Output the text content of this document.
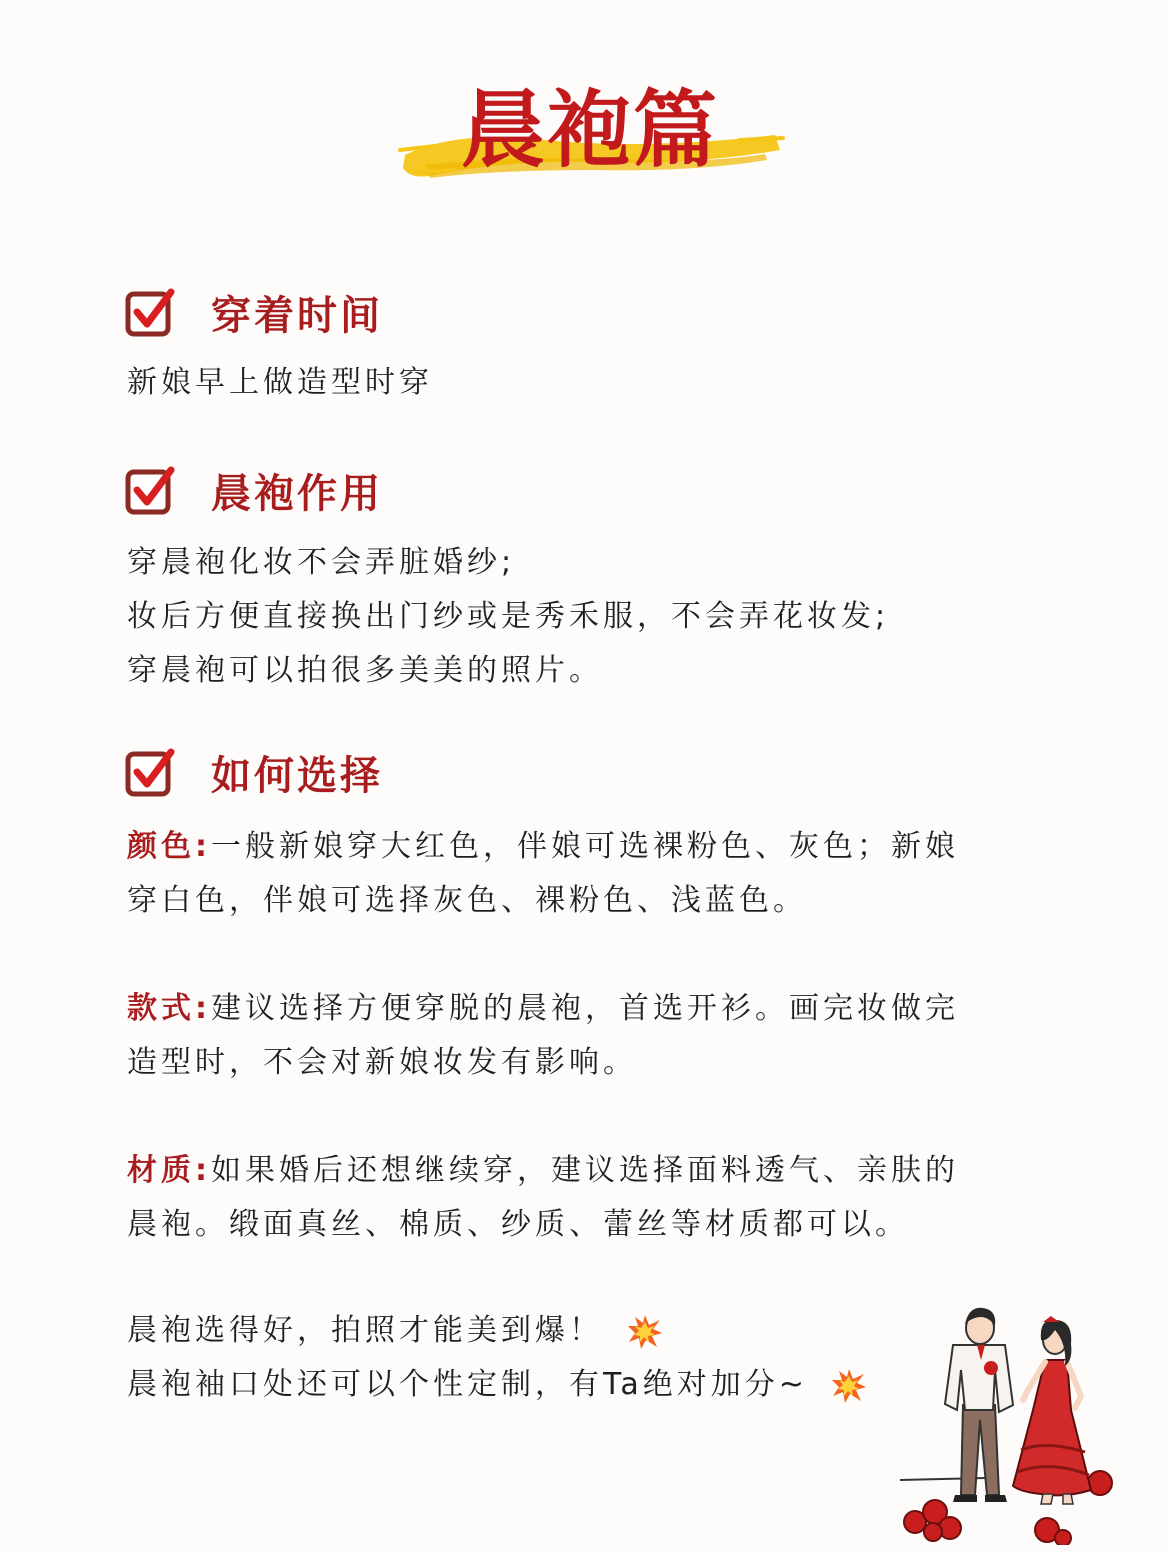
晨袍篇
穿着时间
新娘早上做造型时穿
晨袍作用
穿晨袍化妆不会弄脏婚纱;
妆后方便直接换出门纱或是秀禾服，不会弄花妆发;
穿晨袍可以拍很多美美的照片。
如何选择
颜色:一般新娘穿大红色，伴娘可选裸粉色、灰色；新娘
穿白色，伴娘可选择灰色、裸粉色、浅蓝色。
款式:建议选择方便穿脱的晨袍，首选开衫。画完妆做完
造型时，不会对新娘妆发有影响。
材质:如果婚后还想继续穿，建议选择面料透气、亲肤的
晨袍。缎面真丝、棉质、纱质、蕾丝等材质都可以。
晨袍选得好，拍照才能美到爆！
晨袍袖口处还可以个性定制，有Ta绝对加分~
